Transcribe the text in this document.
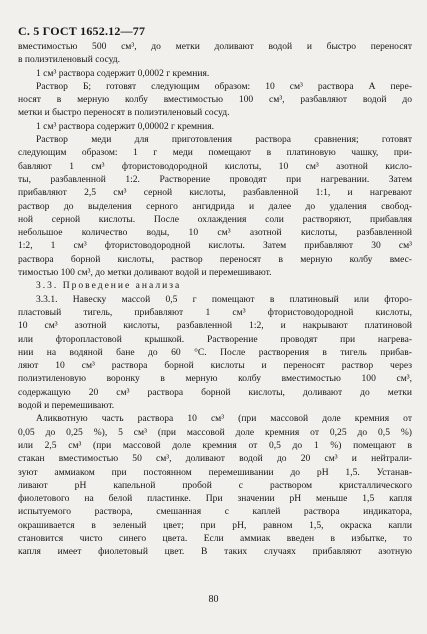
С. 5 ГОСТ 1652.12—77

вместимостью 500 см³, до метки доливают водой и быстро переносят

в полиэтиленовый сосуд.

1 см³ раствора содержит 0,0002 г кремния.

Раствор Б; готовят следующим образом: 10 см³ раствора А пере-

носят в мерную колбу вместимостью 100 см³, разбавляют водой до

метки и быстро переносят в полиэтиленовый сосуд.

1 см³ раствора содержит 0,00002 г кремния.

Раствор меди для приготовления раствора сравнения; готовят

следующим образом: 1 г меди помещают в платиновую чашку, при-

бавляют 1 см³ фтористоводородной кислоты, 10 см³ азотной кисло-

ты, разбавленной 1:2. Растворение проводят при нагревании. Затем

прибавляют 2,5 см³ серной кислоты, разбавленной 1:1, и нагревают

раствор до выделения серного ангидрида и далее до удаления свобод-

ной серной кислоты. После охлаждения соли растворяют, прибавляя

небольшое количество воды, 10 см³ азотной кислоты, разбавленной

1:2, 1 см³ фтористоводородной кислоты. Затем прибавляют 30 см³

раствора борной кислоты, раствор переносят в мерную колбу вмес-

тимостью 100 см³, до метки доливают водой и перемешивают.

3.3. Проведение анализа

3.3.1. Навеску массой 0,5 г помещают в платиновый или фторо-

пластовый тигель, прибавляют 1 см³ фтористоводородной кислоты,

10 см³ азотной кислоты, разбавленной 1:2, и накрывают платиновой

или фторопластовой крышкой. Растворение проводят при нагрева-

нии на водяной бане до 60 °С. После растворения в тигель прибав-

ляют 10 см³ раствора борной кислоты и переносят раствор через

полиэтиленовую воронку в мерную колбу вместимостью 100 см³,

содержащую 20 см³ раствора борной кислоты, доливают до метки

водой и перемешивают.

Аликвотную часть раствора 10 см³ (при массовой доле кремния от

0,05 до 0,25 %), 5 см³ (при массовой доле кремния от 0,25 до 0,5 %)

или 2,5 см³ (при массовой доле кремния от 0,5 до 1 %) помещают в

стакан вместимостью 50 см³, доливают водой до 20 см³ и нейтрали-

зуют аммиаком при постоянном перемешивании до рН 1,5. Устанав-

ливают рН капельной пробой с раствором кристаллического

фиолетового на белой пластинке. При значении рН меньше 1,5 капля

испытуемого раствора, смешанная с каплей раствора индикатора,

окрашивается в зеленый цвет; при рН, равном 1,5, окраска капли

становится чисто синего цвета. Если аммиак введен в избытке, то

капля имеет фиолетовый цвет. В таких случаях прибавляют азотную

80
